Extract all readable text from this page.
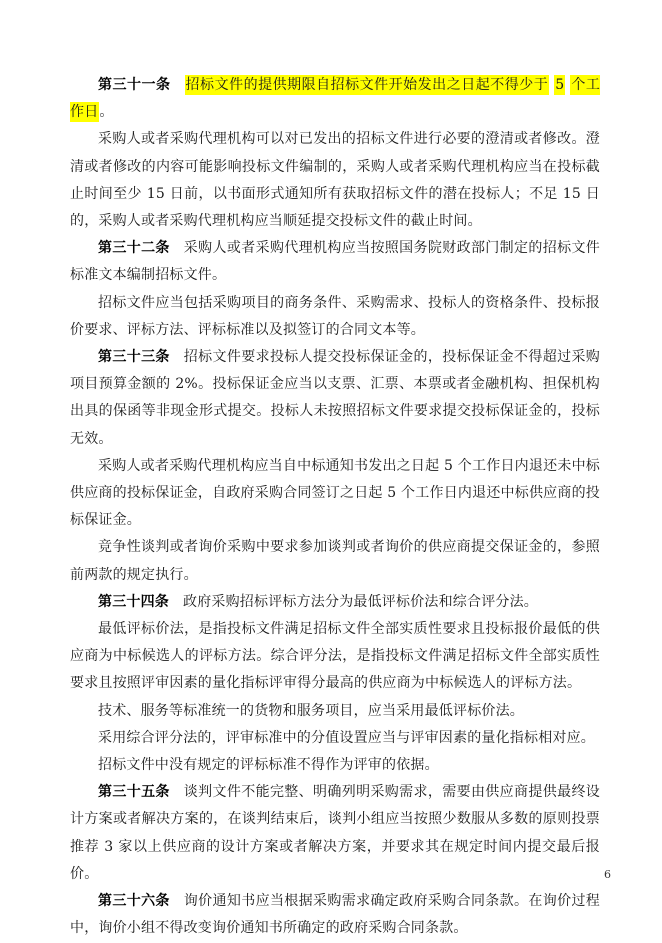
第三十一条 招标文件的提供期限自招标文件开始发出之日起不得少于 5 个工作日。

采购人或者采购代理机构可以对已发出的招标文件进行必要的澄清或者修改。澄清或者修改的内容可能影响投标文件编制的，采购人或者采购代理机构应当在投标截止时间至少 15 日前，以书面形式通知所有获取招标文件的潜在投标人；不足 15 日的，采购人或者采购代理机构应当顺延提交投标文件的截止时间。

第三十二条 采购人或者采购代理机构应当按照国务院财政部门制定的招标文件标准文本编制招标文件。

招标文件应当包括采购项目的商务条件、采购需求、投标人的资格条件、投标报价要求、评标方法、评标标准以及拟签订的合同文本等。

第三十三条 招标文件要求投标人提交投标保证金的，投标保证金不得超过采购项目预算金额的 2%。投标保证金应当以支票、汇票、本票或者金融机构、担保机构出具的保函等非现金形式提交。投标人未按照招标文件要求提交投标保证金的，投标无效。

采购人或者采购代理机构应当自中标通知书发出之日起 5 个工作日内退还未中标供应商的投标保证金，自政府采购合同签订之日起 5 个工作日内退还中标供应商的投标保证金。

竞争性谈判或者询价采购中要求参加谈判或者询价的供应商提交保证金的，参照前两款的规定执行。

第三十四条 政府采购招标评标方法分为最低评标价法和综合评分法。

最低评标价法，是指投标文件满足招标文件全部实质性要求且投标报价最低的供应商为中标候选人的评标方法。综合评分法，是指投标文件满足招标文件全部实质性要求且按照评审因素的量化指标评审得分最高的供应商为中标候选人的评标方法。

技术、服务等标准统一的货物和服务项目，应当采用最低评标价法。

采用综合评分法的，评审标准中的分值设置应当与评审因素的量化指标相对应。

招标文件中没有规定的评标标准不得作为评审的依据。

第三十五条 谈判文件不能完整、明确列明采购需求，需要由供应商提供最终设计方案或者解决方案的，在谈判结束后，谈判小组应当按照少数服从多数的原则投票推荐 3 家以上供应商的设计方案或者解决方案，并要求其在规定时间内提交最后报价。

第三十六条 询价通知书应当根据采购需求确定政府采购合同条款。在询价过程中，询价小组不得改变询价通知书所确定的政府采购合同条款。

6
